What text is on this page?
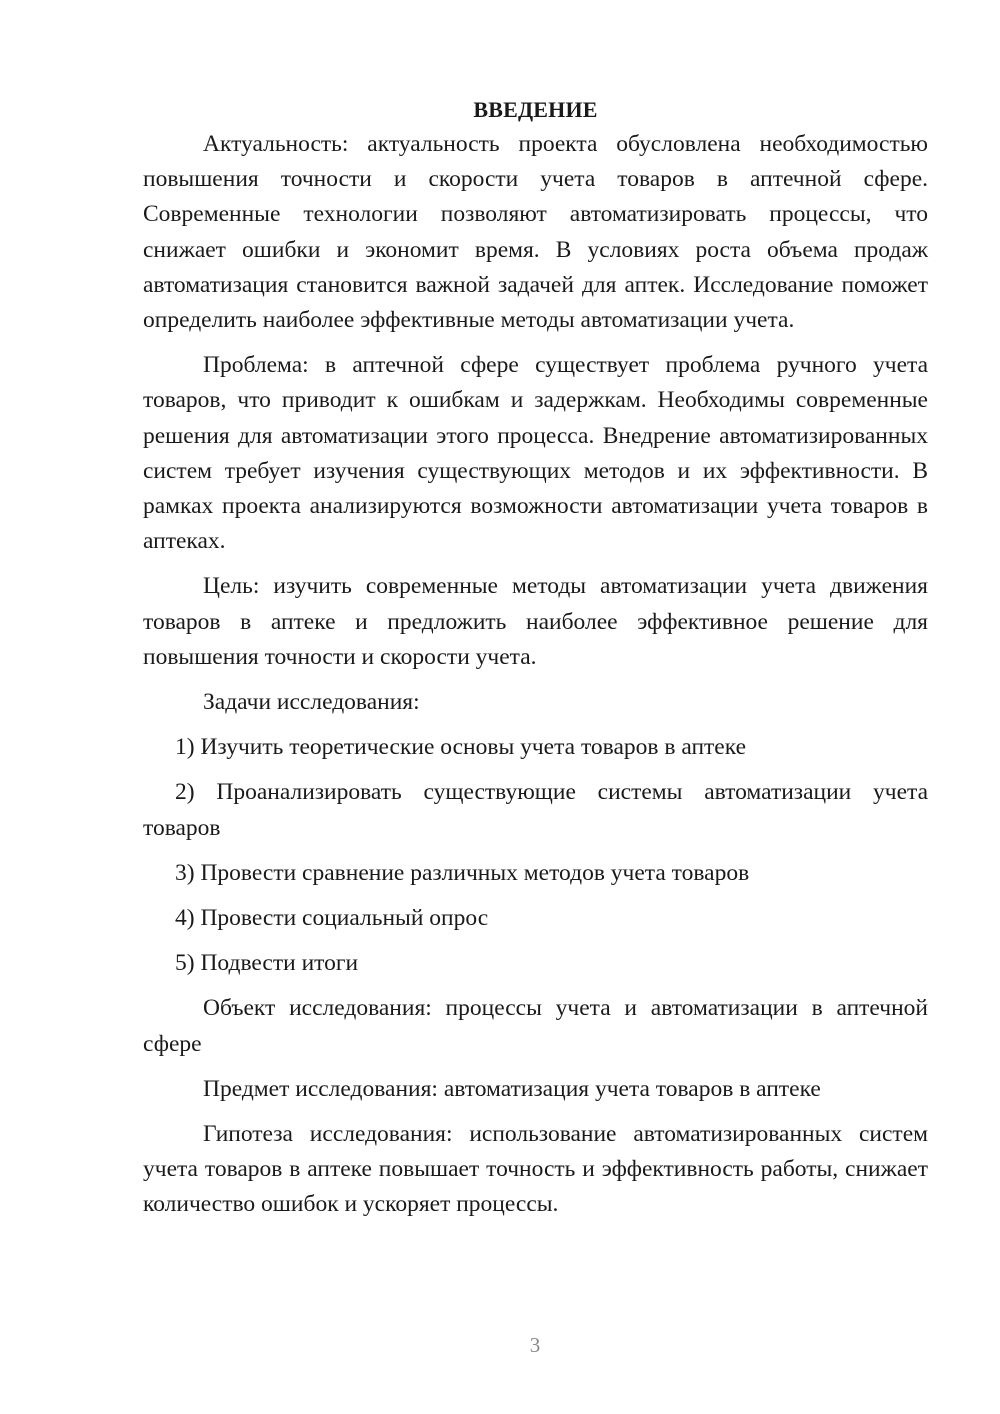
ВВЕДЕНИЕ

Актуальность: актуальность проекта обусловлена необходимостью повышения точности и скорости учета товаров в аптечной сфере. Современные технологии позволяют автоматизировать процессы, что снижает ошибки и экономит время. В условиях роста объема продаж автоматизация становится важной задачей для аптек. Исследование поможет определить наиболее эффективные методы автоматизации учета.

Проблема: в аптечной сфере существует проблема ручного учета товаров, что приводит к ошибкам и задержкам. Необходимы современные решения для автоматизации этого процесса. Внедрение автоматизированных систем требует изучения существующих методов и их эффективности. В рамках проекта анализируются возможности автоматизации учета товаров в аптеках.

Цель: изучить современные методы автоматизации учета движения товаров в аптеке и предложить наиболее эффективное решение для повышения точности и скорости учета.

Задачи исследования:

1) Изучить теоретические основы учета товаров в аптеке

2) Проанализировать существующие системы автоматизации учета товаров

3) Провести сравнение различных методов учета товаров

4) Провести социальный опрос

5) Подвести итоги

Объект исследования: процессы учета и автоматизации в аптечной сфере

Предмет исследования: автоматизация учета товаров в аптеке

Гипотеза исследования: использование автоматизированных систем учета товаров в аптеке повышает точность и эффективность работы, снижает количество ошибок и ускоряет процессы.

3
